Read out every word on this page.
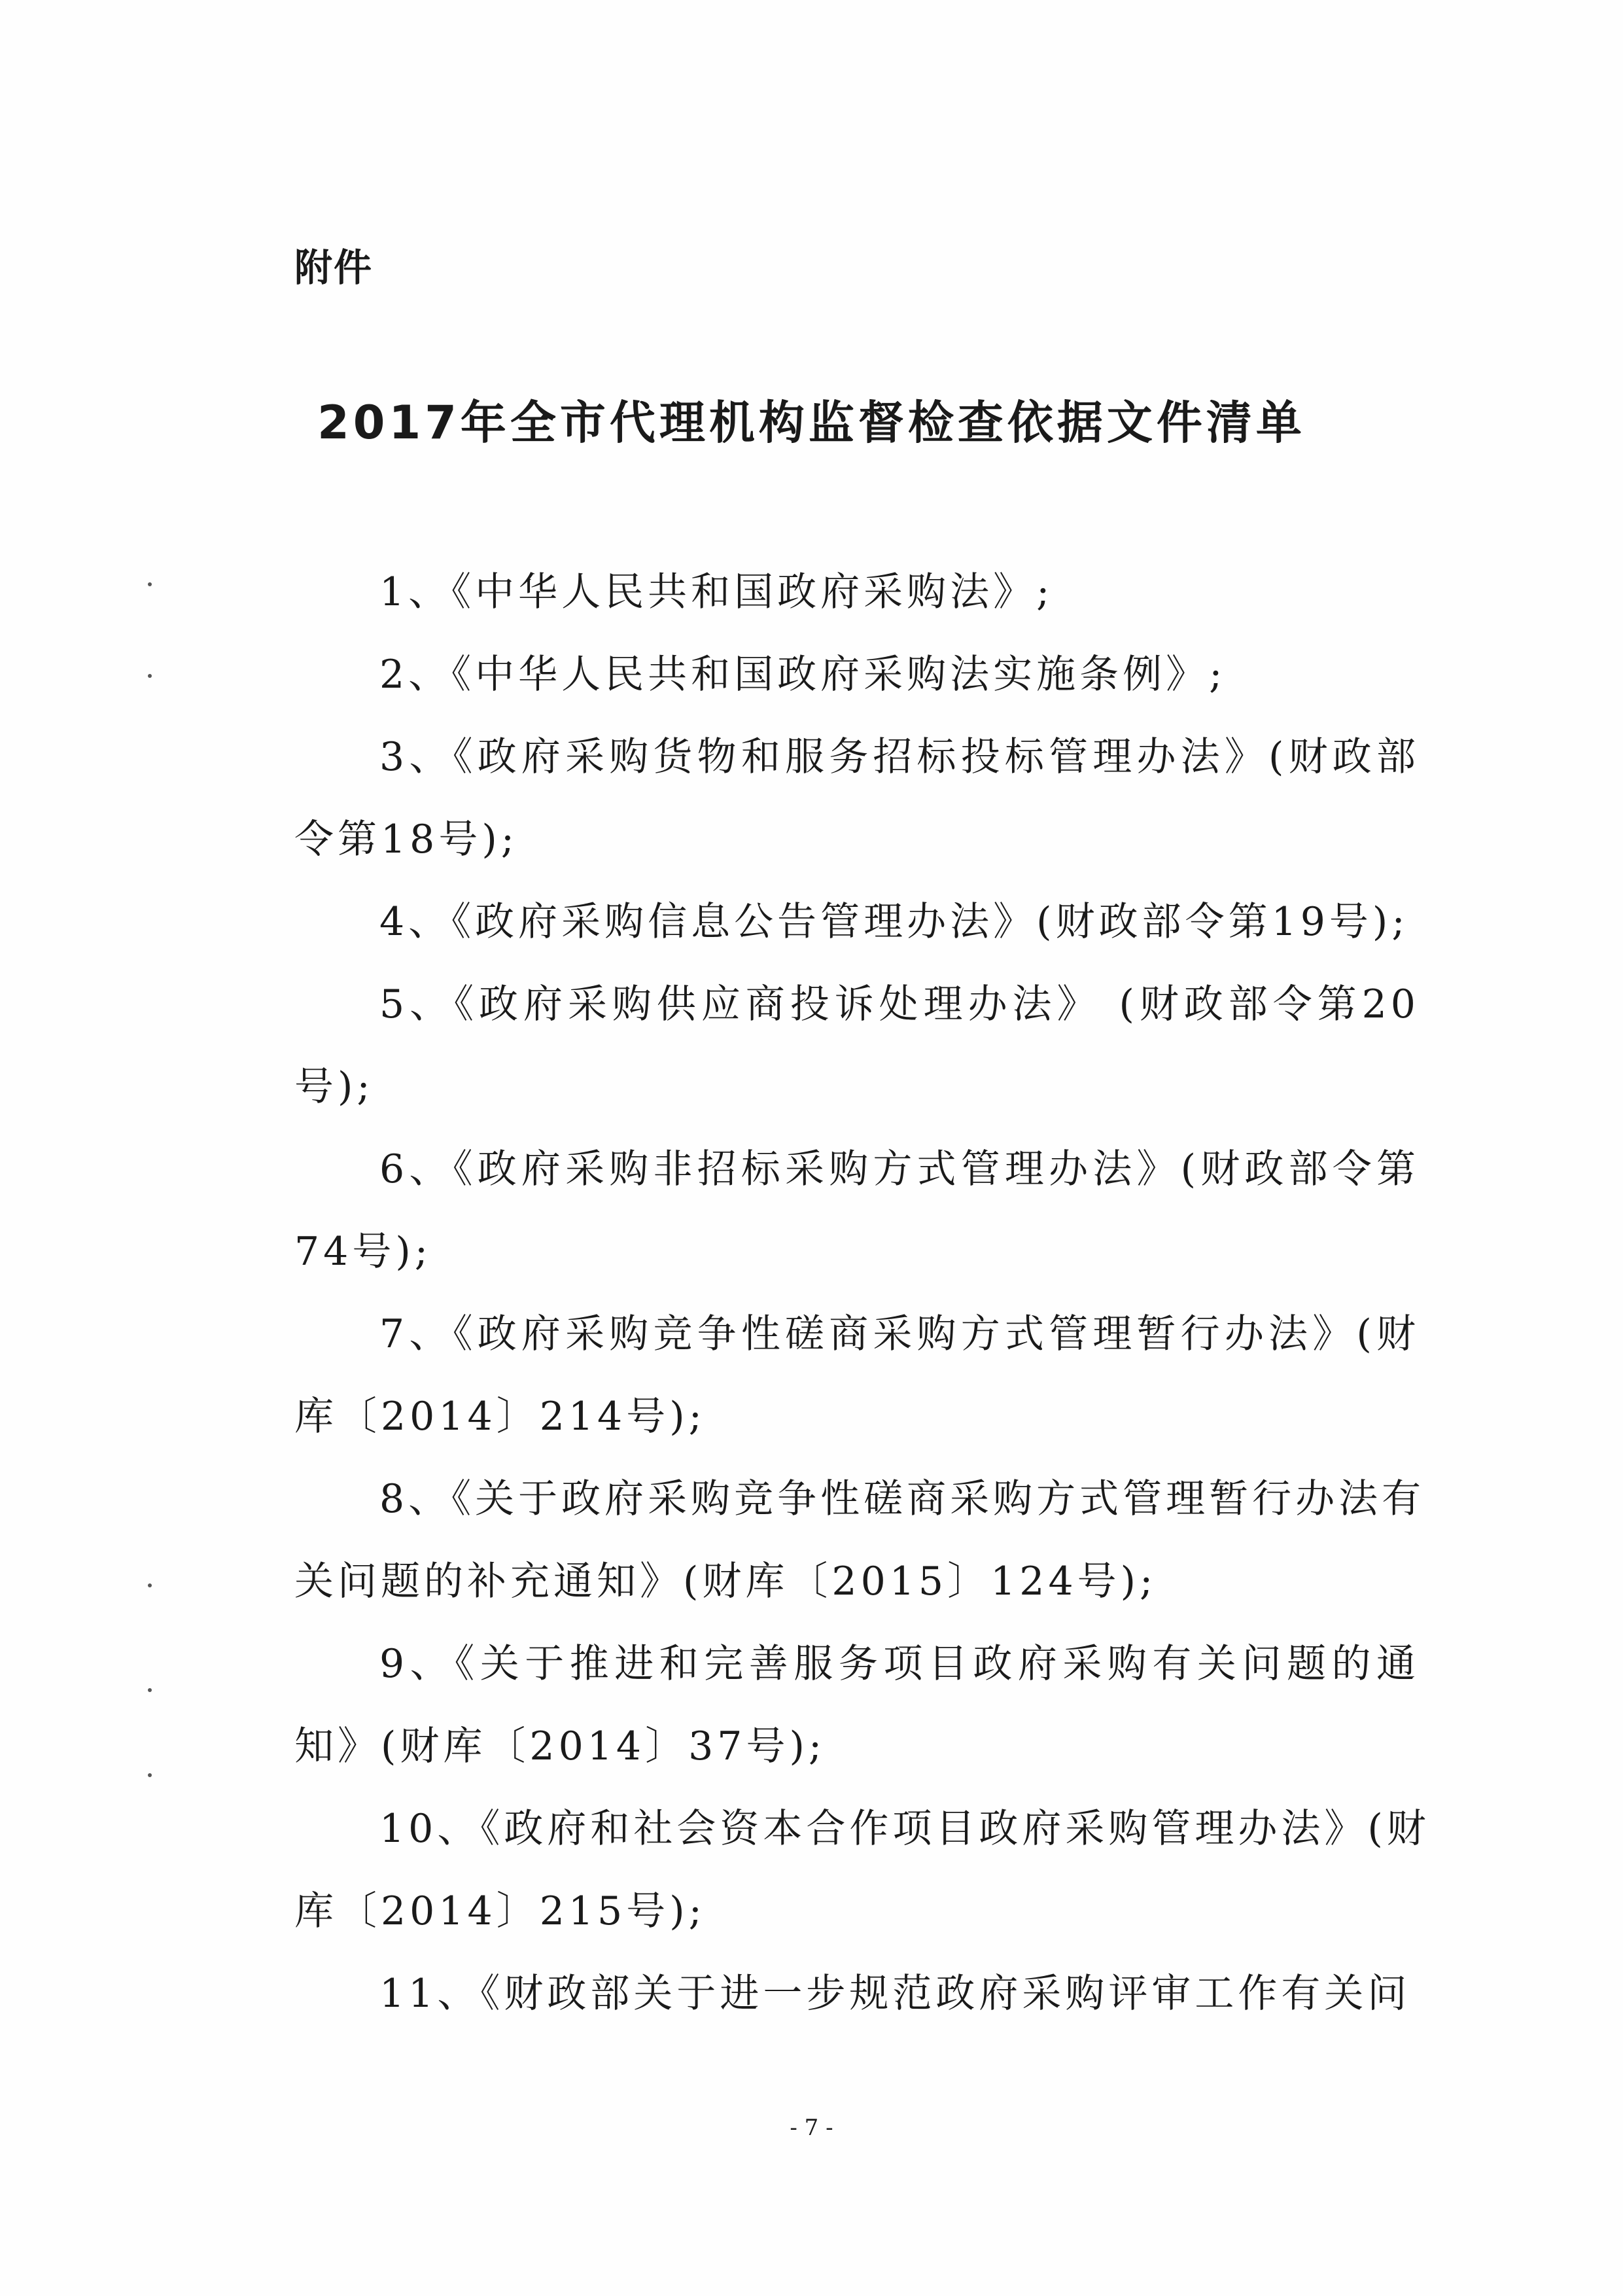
附件

2017年全市代理机构监督检查依据文件清单
1、《中华人民共和国政府采购法》;
2、《中华人民共和国政府采购法实施条例》;
3、《政府采购货物和服务招标投标管理办法》(财政部
令第18号);
4、《政府采购信息公告管理办法》(财政部令第19号);
5、《政府采购供应商投诉处理办法》 (财政部令第20
号);
6、《政府采购非招标采购方式管理办法》(财政部令第
74号);
7、《政府采购竞争性磋商采购方式管理暂行办法》(财
库〔2014〕214号);
8、《关于政府采购竞争性磋商采购方式管理暂行办法有
关问题的补充通知》(财库〔2015〕124号);
9、《关于推进和完善服务项目政府采购有关问题的通
知》(财库〔2014〕37号);
10、《政府和社会资本合作项目政府采购管理办法》(财
库〔2014〕215号);
11、《财政部关于进一步规范政府采购评审工作有关问

- 7 -
